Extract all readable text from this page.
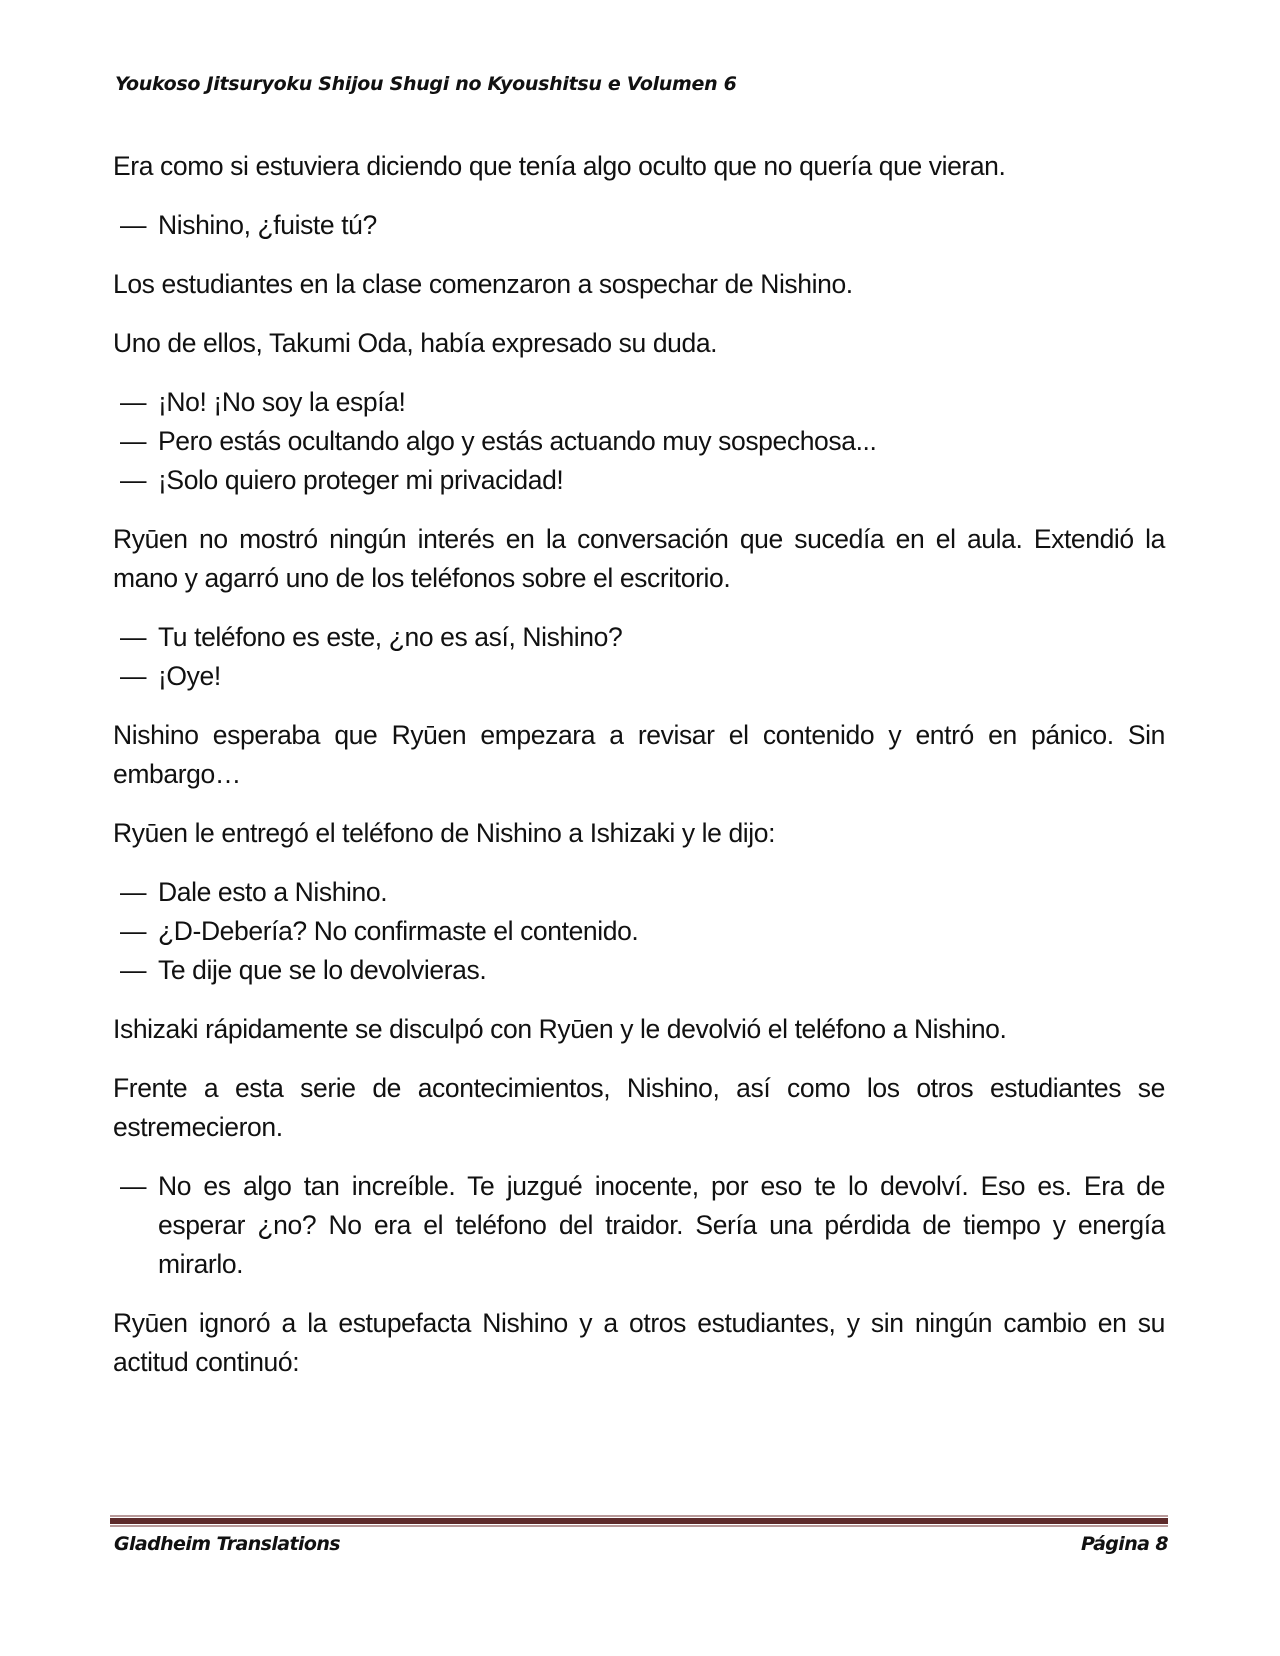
Youkoso Jitsuryoku Shijou Shugi no Kyoushitsu e Volumen 6

Era como si estuviera diciendo que tenía algo oculto que no quería que vieran.

— Nishino, ¿fuiste tú?

Los estudiantes en la clase comenzaron a sospechar de Nishino.

Uno de ellos, Takumi Oda, había expresado su duda.

— ¡No! ¡No soy la espía!
— Pero estás ocultando algo y estás actuando muy sospechosa...
— ¡Solo quiero proteger mi privacidad!

Ryūen no mostró ningún interés en la conversación que sucedía en el aula. Extendió la mano y agarró uno de los teléfonos sobre el escritorio.

— Tu teléfono es este, ¿no es así, Nishino?
— ¡Oye!

Nishino esperaba que Ryūen empezara a revisar el contenido y entró en pánico. Sin embargo…

Ryūen le entregó el teléfono de Nishino a Ishizaki y le dijo:

— Dale esto a Nishino.
— ¿D-Debería? No confirmaste el contenido.
— Te dije que se lo devolvieras.

Ishizaki rápidamente se disculpó con Ryūen y le devolvió el teléfono a Nishino.

Frente a esta serie de acontecimientos, Nishino, así como los otros estudiantes se estremecieron.

— No es algo tan increíble. Te juzgué inocente, por eso te lo devolví. Eso es. Era de esperar ¿no? No era el teléfono del traidor. Sería una pérdida de tiempo y energía mirarlo.

Ryūen ignoró a la estupefacta Nishino y a otros estudiantes, y sin ningún cambio en su actitud continuó:

Gladheim Translations	Página 8
